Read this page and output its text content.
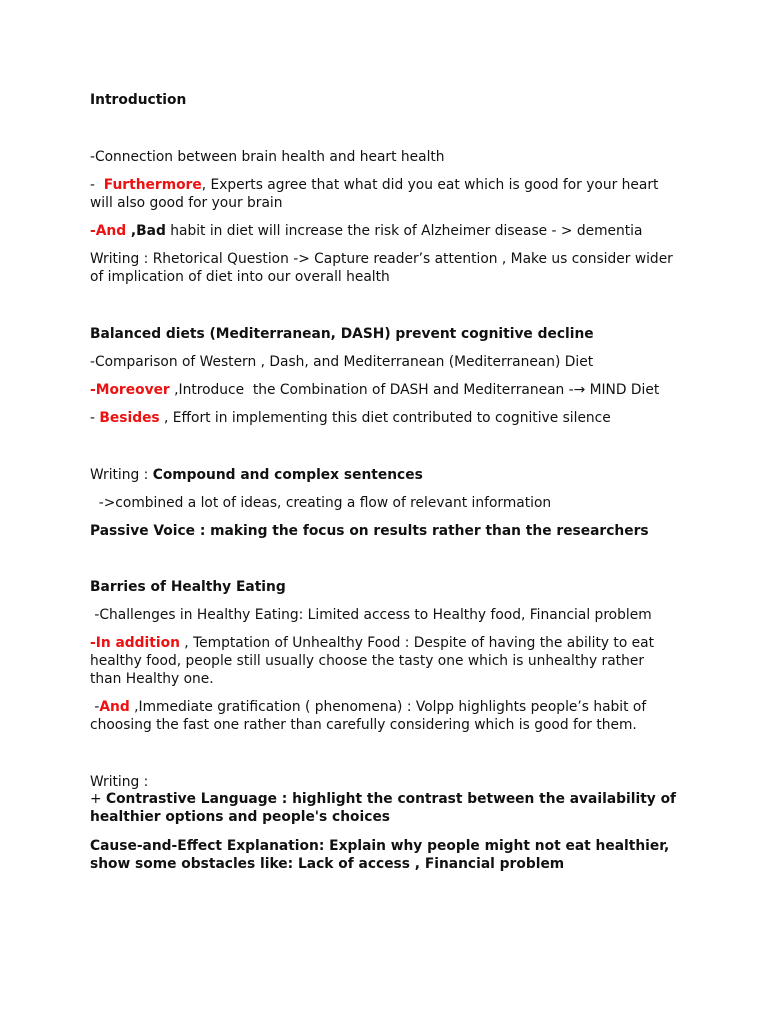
Introduction
-Connection between brain health and heart health
-  Furthermore, Experts agree that what did you eat which is good for your heart will also good for your brain
-And ,Bad habit in diet will increase the risk of Alzheimer disease - > dementia
Writing : Rhetorical Question -> Capture reader’s attention , Make us consider wider of implication of diet into our overall health
Balanced diets (Mediterranean, DASH) prevent cognitive decline
-Comparison of Western , Dash, and Mediterranean (Mediterranean) Diet
-Moreover ,Introduce  the Combination of DASH and Mediterranean -→ MIND Diet
- Besides , Effort in implementing this diet contributed to cognitive silence
Writing : Compound and complex sentences
->combined a lot of ideas, creating a flow of relevant information
Passive Voice : making the focus on results rather than the researchers
Barries of Healthy Eating
-Challenges in Healthy Eating: Limited access to Healthy food, Financial problem
-In addition , Temptation of Unhealthy Food : Despite of having the ability to eat healthy food, people still usually choose the tasty one which is unhealthy rather than Healthy one.
-And ,Immediate gratification ( phenomena) : Volpp highlights people’s habit of choosing the fast one rather than carefully considering which is good for them.
Writing :
+ Contrastive Language : highlight the contrast between the availability of healthier options and people's choices
Cause-and-Effect Explanation: Explain why people might not eat healthier, show some obstacles like: Lack of access , Financial problem
